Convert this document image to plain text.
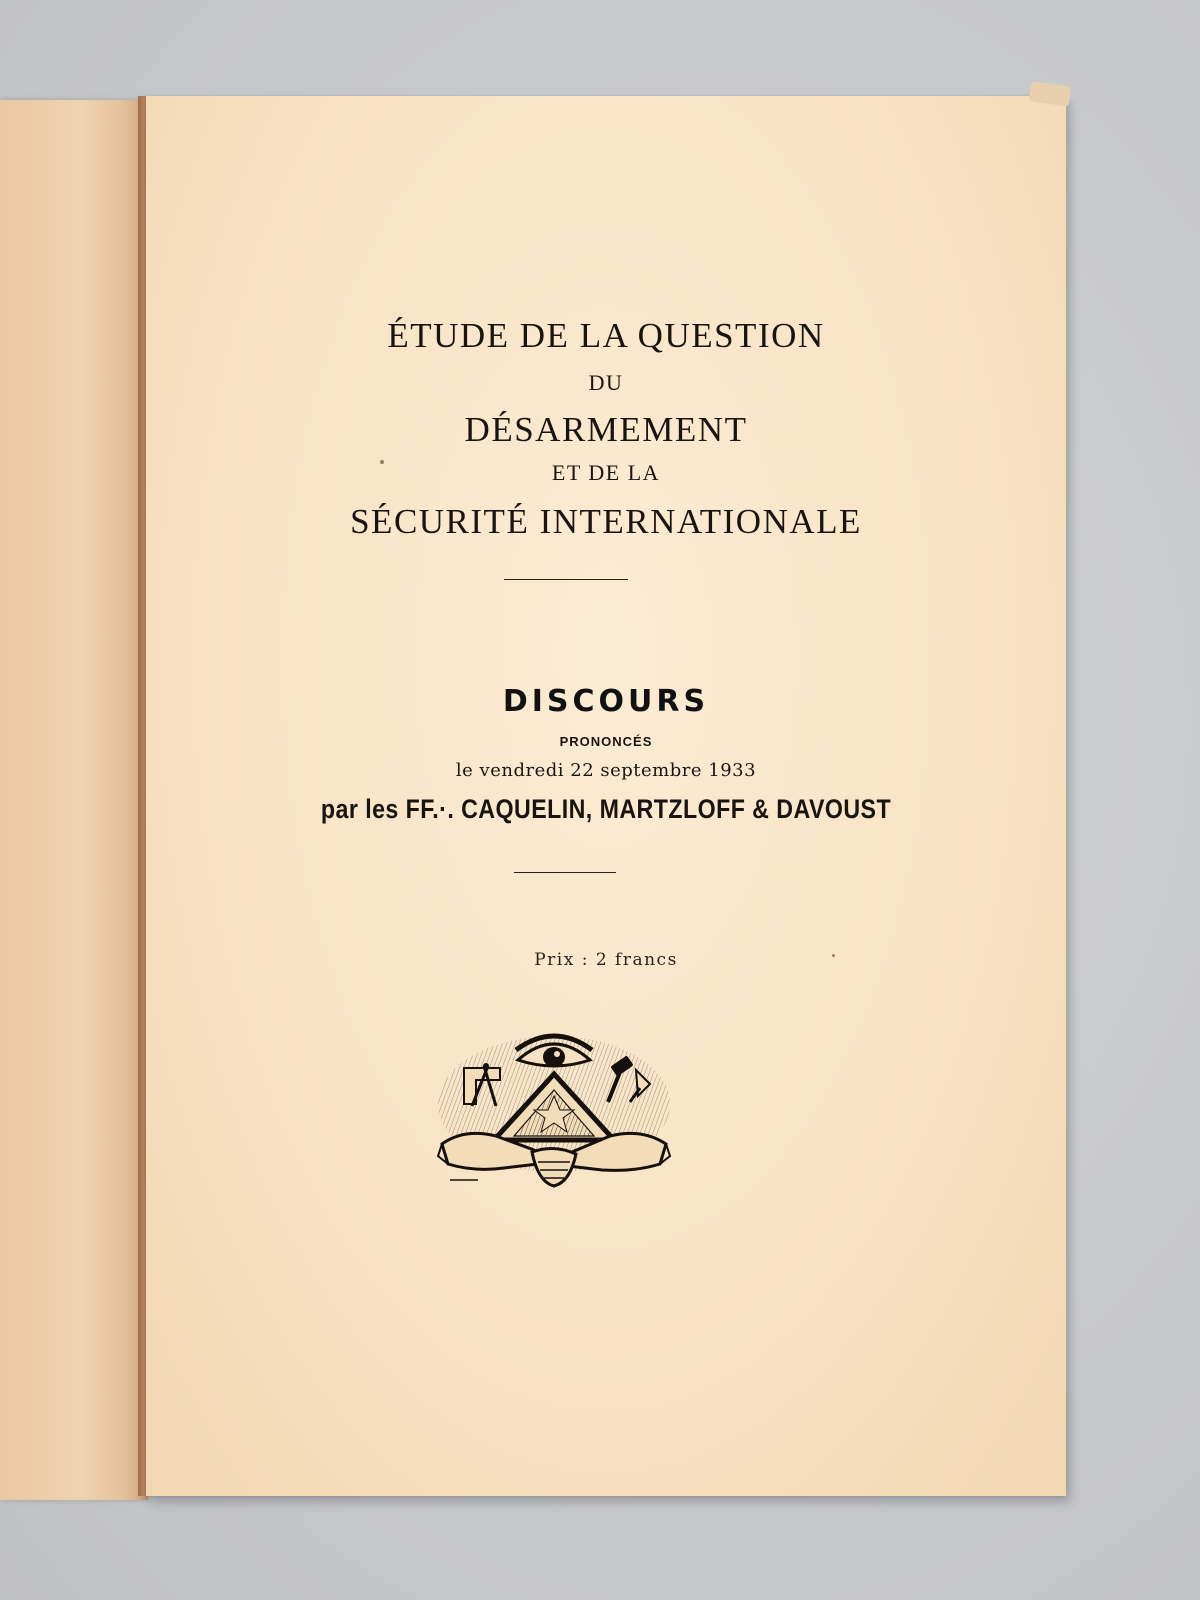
ÉTUDE DE LA QUESTION
DU
DÉSARMEMENT
ET DE LA
SÉCURITÉ INTERNATIONALE
DISCOURS
PRONONCÉS
le vendredi 22 septembre 1933
par les FF.·. CAQUELIN, MARTZLOFF & DAVOUST
Prix : 2 francs
